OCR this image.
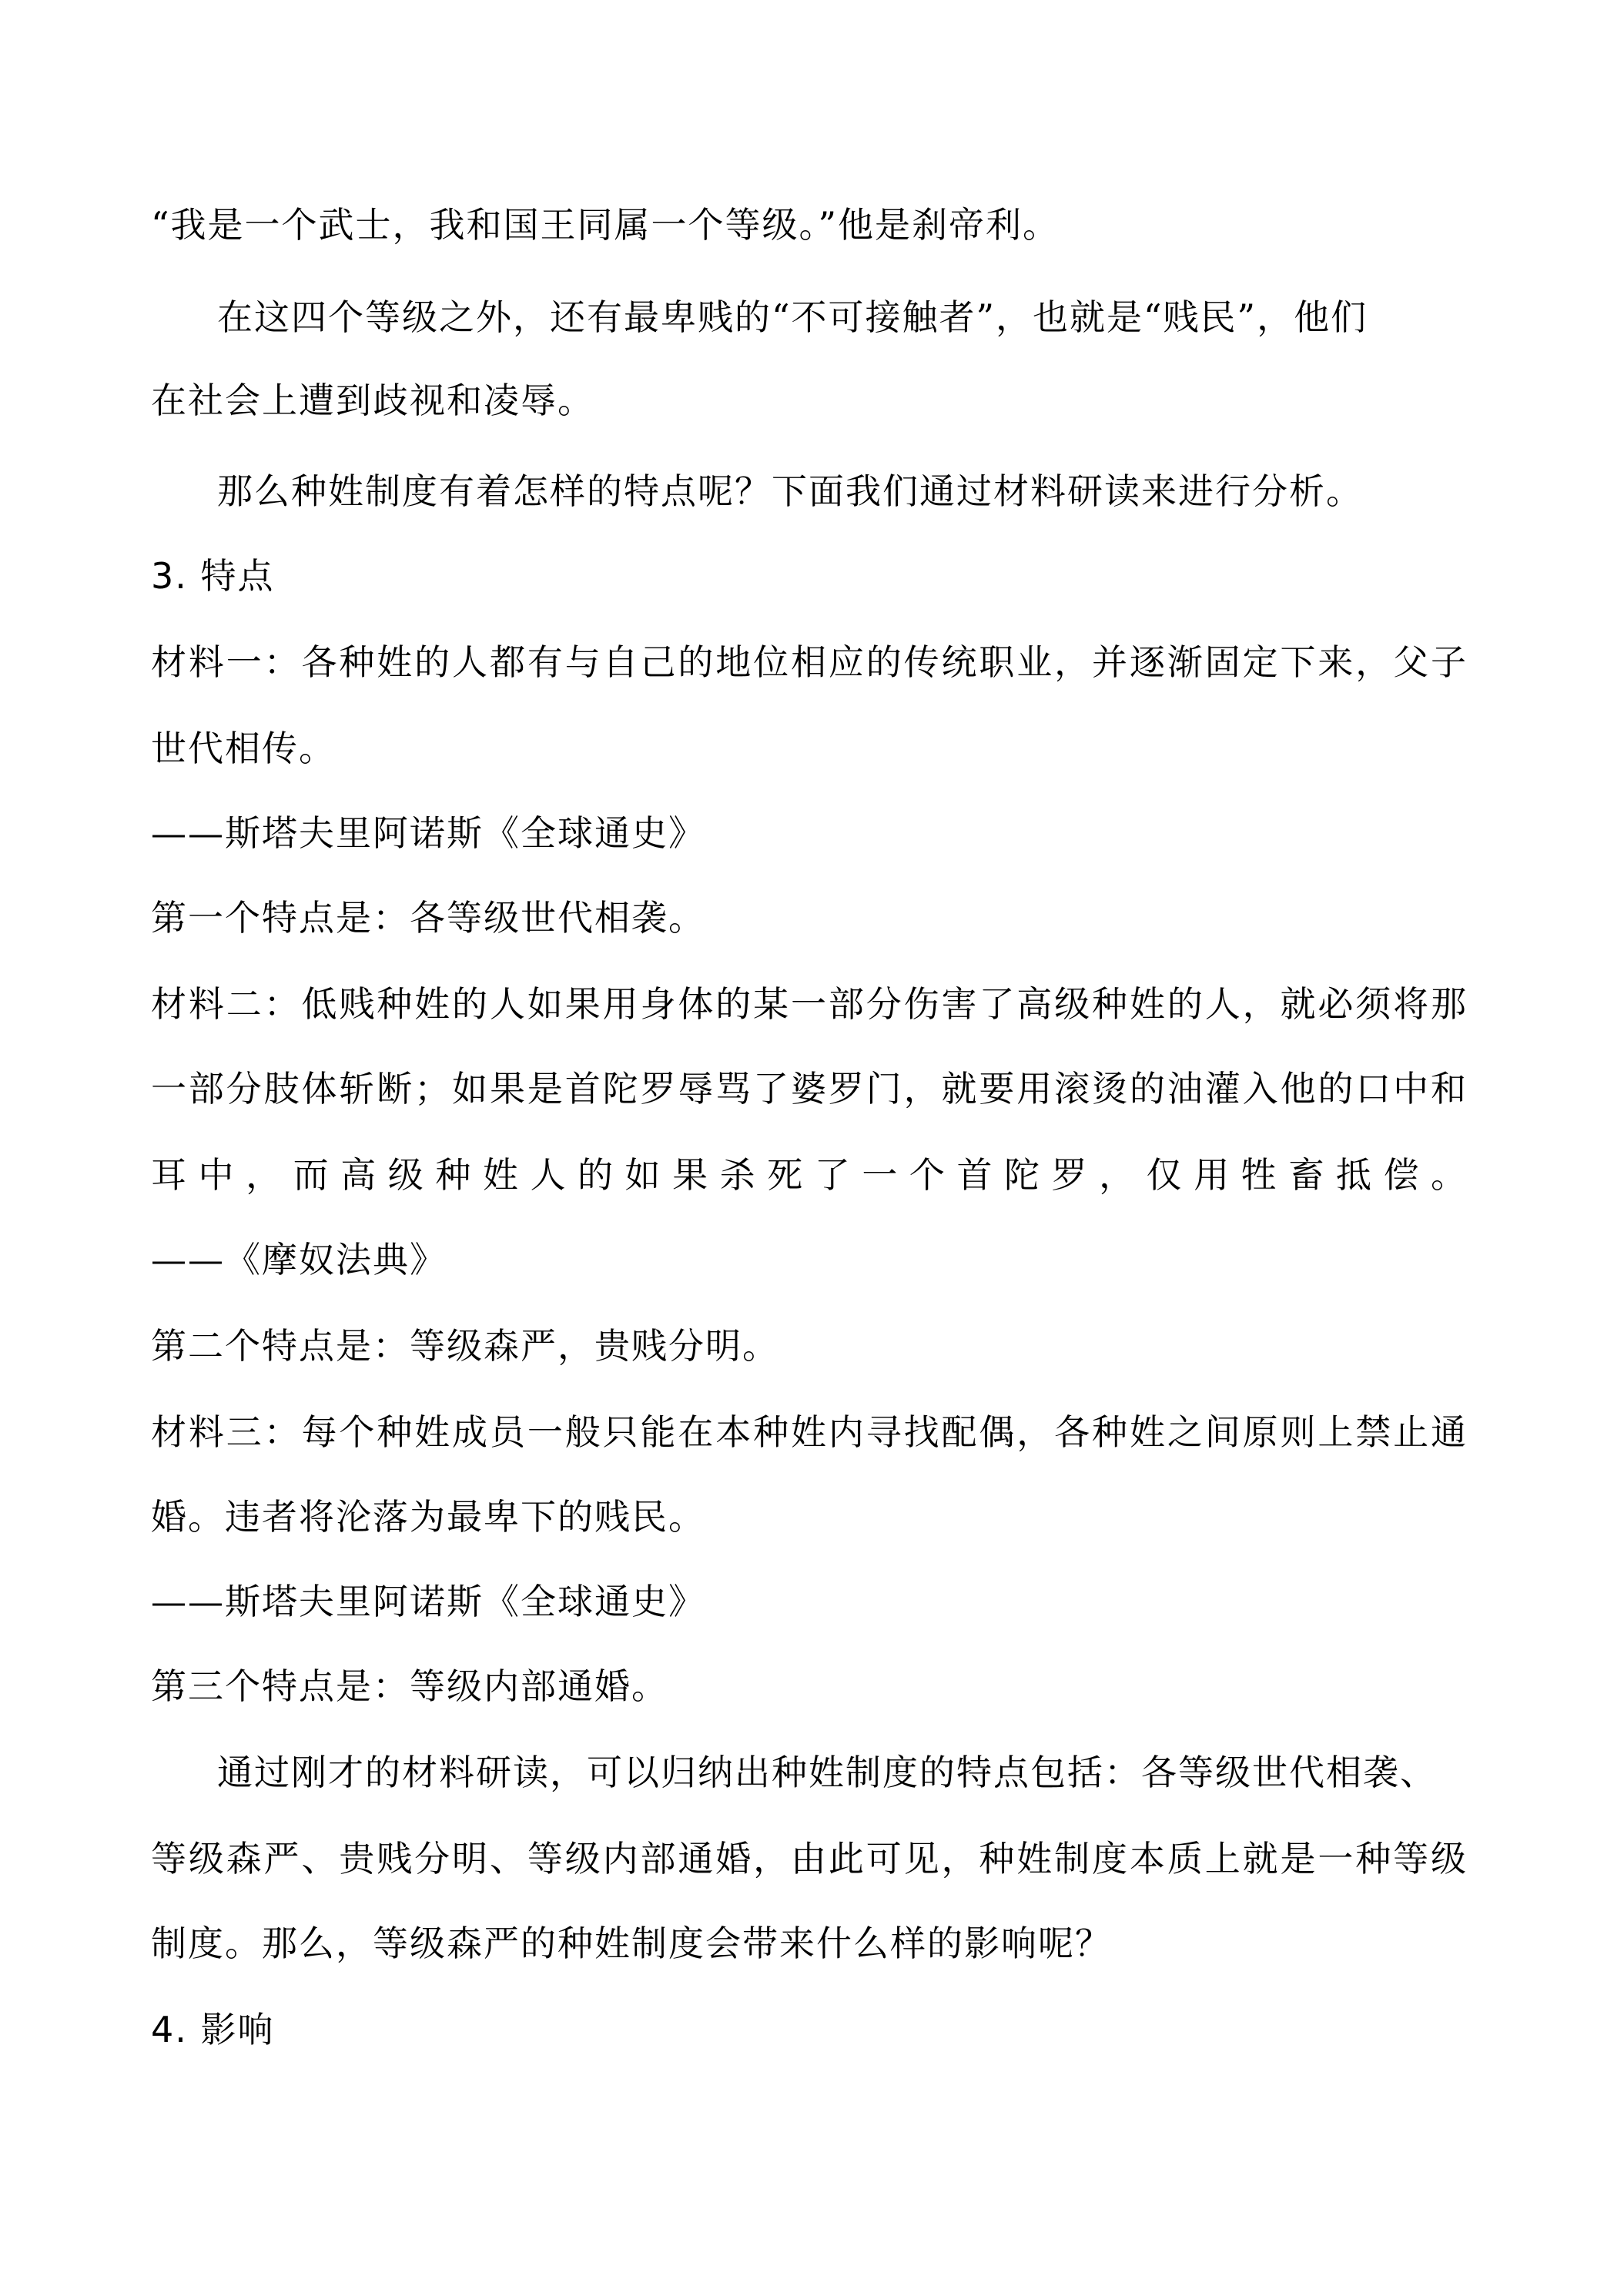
“我是一个武士，我和国王同属一个等级。”他是刹帝利。
在这四个等级之外，还有最卑贱的“不可接触者”，也就是“贱民”，他们
在社会上遭到歧视和凌辱。
那么种姓制度有着怎样的特点呢？下面我们通过材料研读来进行分析。
3. 特点
材料一：各种姓的人都有与自己的地位相应的传统职业，并逐渐固定下来，父子
世代相传。
——斯塔夫里阿诺斯《全球通史》
第一个特点是：各等级世代相袭。
材料二：低贱种姓的人如果用身体的某一部分伤害了高级种姓的人，就必须将那
一部分肢体斩断；如果是首陀罗辱骂了婆罗门，就要用滚烫的油灌入他的口中和
耳中，而高级种姓人的如果杀死了一个首陀罗，仅用牲畜抵偿。
——《摩奴法典》
第二个特点是：等级森严，贵贱分明。
材料三：每个种姓成员一般只能在本种姓内寻找配偶，各种姓之间原则上禁止通
婚。违者将沦落为最卑下的贱民。
——斯塔夫里阿诺斯《全球通史》
第三个特点是：等级内部通婚。
通过刚才的材料研读，可以归纳出种姓制度的特点包括：各等级世代相袭、
等级森严、贵贱分明、等级内部通婚，由此可见，种姓制度本质上就是一种等级
制度。那么，等级森严的种姓制度会带来什么样的影响呢？
4. 影响
